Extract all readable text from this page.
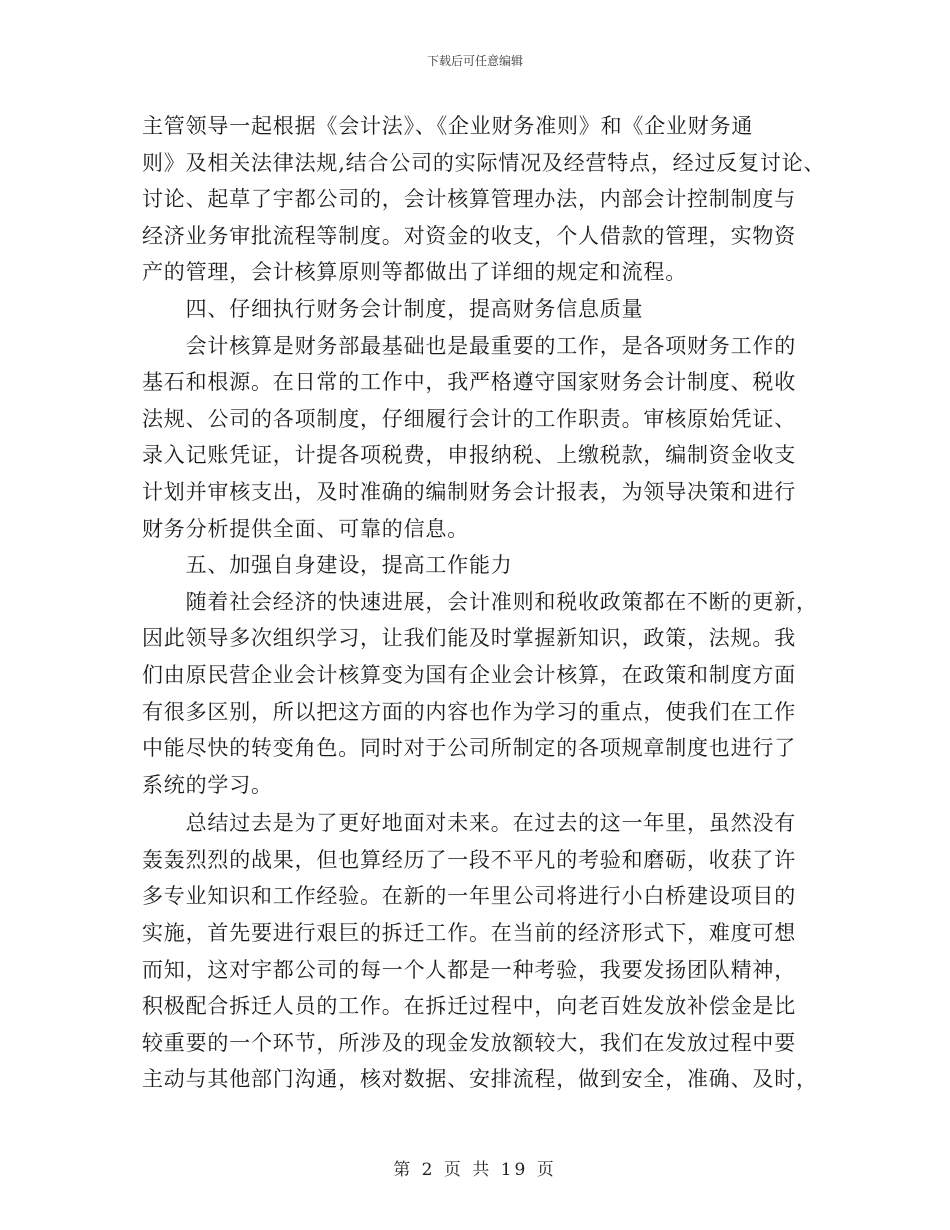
下载后可任意编辑
主管领导一起根据《会计法》、《企业财务准则》和《企业财务通
则》及相关法律法规,结合公司的实际情况及经营特点，经过反复讨论、
讨论、起草了宇都公司的，会计核算管理办法，内部会计控制制度与
经济业务审批流程等制度。对资金的收支，个人借款的管理，实物资
产的管理，会计核算原则等都做出了详细的规定和流程。
　　四、仔细执行财务会计制度，提高财务信息质量
　　会计核算是财务部最基础也是最重要的工作，是各项财务工作的
基石和根源。在日常的工作中，我严格遵守国家财务会计制度、税收
法规、公司的各项制度，仔细履行会计的工作职责。审核原始凭证、
录入记账凭证，计提各项税费，申报纳税、上缴税款，编制资金收支
计划并审核支出，及时准确的编制财务会计报表，为领导决策和进行
财务分析提供全面、可靠的信息。
　　五、加强自身建设，提高工作能力
　　随着社会经济的快速进展，会计准则和税收政策都在不断的更新，
因此领导多次组织学习，让我们能及时掌握新知识，政策，法规。我
们由原民营企业会计核算变为国有企业会计核算，在政策和制度方面
有很多区别，所以把这方面的内容也作为学习的重点，使我们在工作
中能尽快的转变角色。同时对于公司所制定的各项规章制度也进行了
系统的学习。
　　总结过去是为了更好地面对未来。在过去的这一年里，虽然没有
轰轰烈烈的战果，但也算经历了一段不平凡的考验和磨砺，收获了许
多专业知识和工作经验。在新的一年里公司将进行小白桥建设项目的
实施，首先要进行艰巨的拆迁工作。在当前的经济形式下，难度可想
而知，这对宇都公司的每一个人都是一种考验，我要发扬团队精神，
积极配合拆迁人员的工作。在拆迁过程中，向老百姓发放补偿金是比
较重要的一个环节，所涉及的现金发放额较大，我们在发放过程中要
主动与其他部门沟通，核对数据、安排流程，做到安全，准确、及时，
第 2 页 共 19 页
